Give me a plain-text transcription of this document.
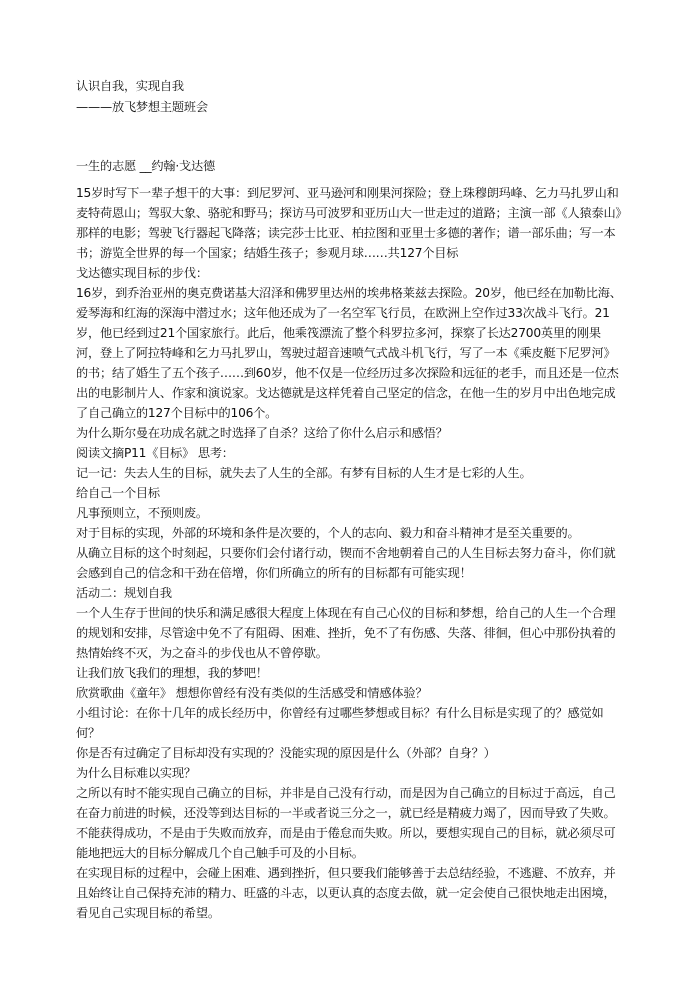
认识自我，实现自我

———放飞梦想主题班会

一生的志愿 __约翰·戈达德

15岁时写下一辈子想干的大事：到尼罗河、亚马逊河和刚果河探险；登上珠穆朗玛峰、乞力马扎罗山和麦特荷恩山；驾驭大象、骆驼和野马；探访马可波罗和亚历山大一世走过的道路；主演一部《人猿泰山》那样的电影；驾驶飞行器起飞降落；读完莎士比亚、柏拉图和亚里士多德的著作；谱一部乐曲；写一本书；游览全世界的每一个国家；结婚生孩子；参观月球……共127个目标

戈达德实现目标的步伐：

16岁，到乔治亚州的奥克费诺基大沼泽和佛罗里达州的埃弗格莱兹去探险。20岁，他已经在加勒比海、爱琴海和红海的深海中潜过水；这年他还成为了一名空军飞行员，在欧洲上空作过33次战斗飞行。21岁，他已经到过21个国家旅行。此后，他乘筏漂流了整个科罗拉多河，探察了长达2700英里的刚果河，登上了阿拉特峰和乞力马扎罗山，驾驶过超音速喷气式战斗机飞行，写了一本《乘皮艇下尼罗河》的书；结了婚生了五个孩子……到60岁，他不仅是一位经历过多次探险和远征的老手，而且还是一位杰出的电影制片人、作家和演说家。戈达德就是这样凭着自己坚定的信念，在他一生的岁月中出色地完成了自己确立的127个目标中的106个。

为什么斯尔曼在功成名就之时选择了自杀？这给了你什么启示和感悟？

阅读文摘P11《目标》 思考：

记一记：失去人生的目标，就失去了人生的全部。有梦有目标的人生才是七彩的人生。

给自己一个目标

凡事预则立，不预则废。

对于目标的实现，外部的环境和条件是次要的，个人的志向、毅力和奋斗精神才是至关重要的。

从确立目标的这个时刻起，只要你们会付诸行动，锲而不舍地朝着自己的人生目标去努力奋斗，你们就会感到自己的信念和干劲在倍增，你们所确立的所有的目标都有可能实现！

活动二：规划自我

一个人生存于世间的快乐和满足感很大程度上体现在有自己心仪的目标和梦想，给自己的人生一个合理的规划和安排，尽管途中免不了有阻碍、困难、挫折，免不了有伤感、失落、徘徊，但心中那份执着的热情始终不灭，为之奋斗的步伐也从不曾停歇。

让我们放飞我们的理想，我的梦吧！

欣赏歌曲《童年》 想想你曾经有没有类似的生活感受和情感体验？

小组讨论：在你十几年的成长经历中，你曾经有过哪些梦想或目标？有什么目标是实现了的？感觉如何？

你是否有过确定了目标却没有实现的？没能实现的原因是什么（外部？自身？）

为什么目标难以实现？

之所以有时不能实现自己确立的目标，并非是自己没有行动，而是因为自己确立的目标过于高远，自己在奋力前进的时候，还没等到达目标的一半或者说三分之一，就已经是精疲力竭了，因而导致了失败。

不能获得成功，不是由于失败而放弃，而是由于倦怠而失败。所以，要想实现自己的目标，就必须尽可能地把远大的目标分解成几个自己触手可及的小目标。

在实现目标的过程中，会碰上困难、遇到挫折，但只要我们能够善于去总结经验，不逃避、不放弃，并且始终让自己保持充沛的精力、旺盛的斗志，以更认真的态度去做，就一定会使自己很快地走出困境，看见自己实现目标的希望。
